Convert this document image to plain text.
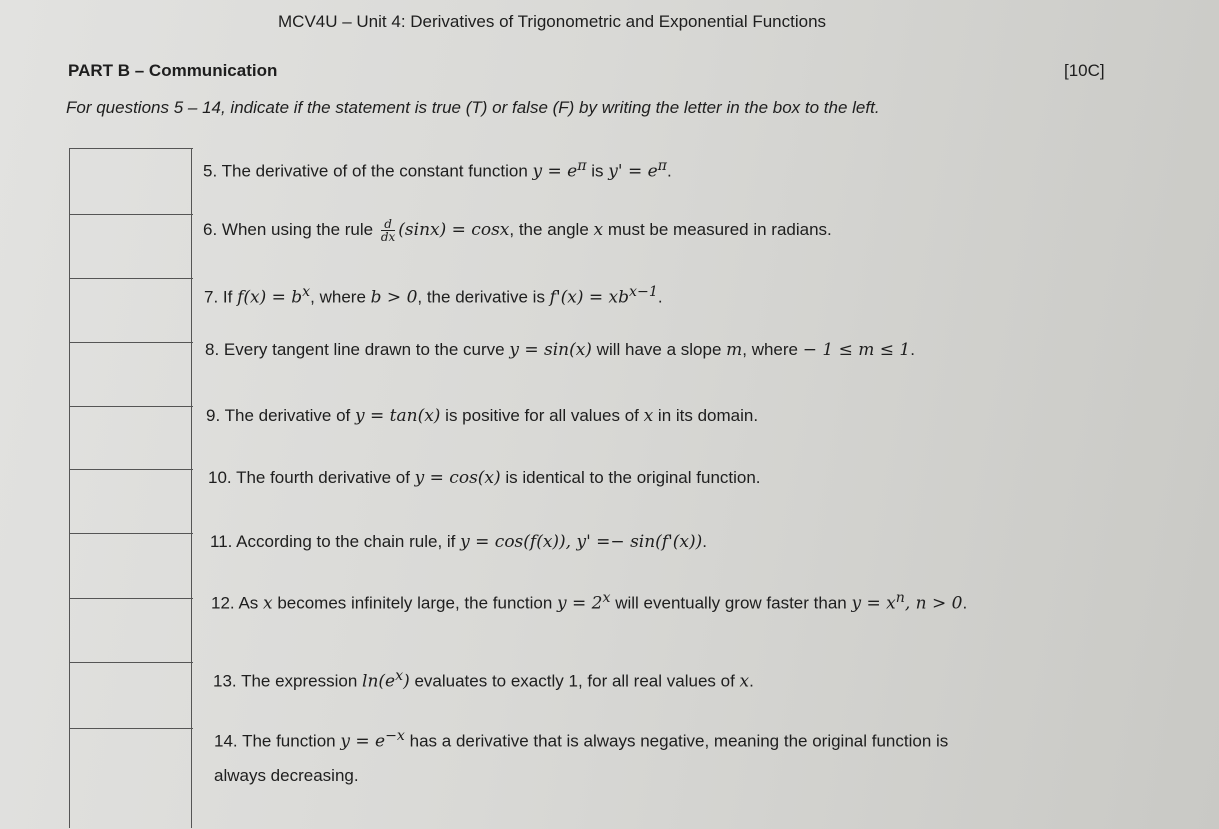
MCV4U – Unit 4: Derivatives of Trigonometric and Exponential Functions
PART B – Communication	[10C]
For questions 5 – 14, indicate if the statement is true (T) or false (F) by writing the letter in the box to the left.
5. The derivative of of the constant function $y = e^\pi$ is $y' = e^\pi$.
6. When using the rule $\frac{d}{dx} (\sin x) = \cos x$, the angle x must be measured in radians.
7. If $f(x) = b^x$, where b > 0, the derivative is $f'(x) = xb^{x-1}$.
8. Every tangent line drawn to the curve y = sin(x) will have a slope m, where − 1 ≤ m ≤ 1.
9. The derivative of y = tan(x) is positive for all values of x in its domain.
10. The fourth derivative of y = cos(x) is identical to the original function.
11. According to the chain rule, if y = cos(f(x)), y' =− sin(f'(x)).
12. As x becomes infinitely large, the function $y = 2^x$ will eventually grow faster than $y = x^n$, n > 0.
13. The expression $\ln(e^x)$ evaluates to exactly 1, for all real values of x.
14. The function $y = e^{-x}$ has a derivative that is always negative, meaning the original function is
always decreasing.
